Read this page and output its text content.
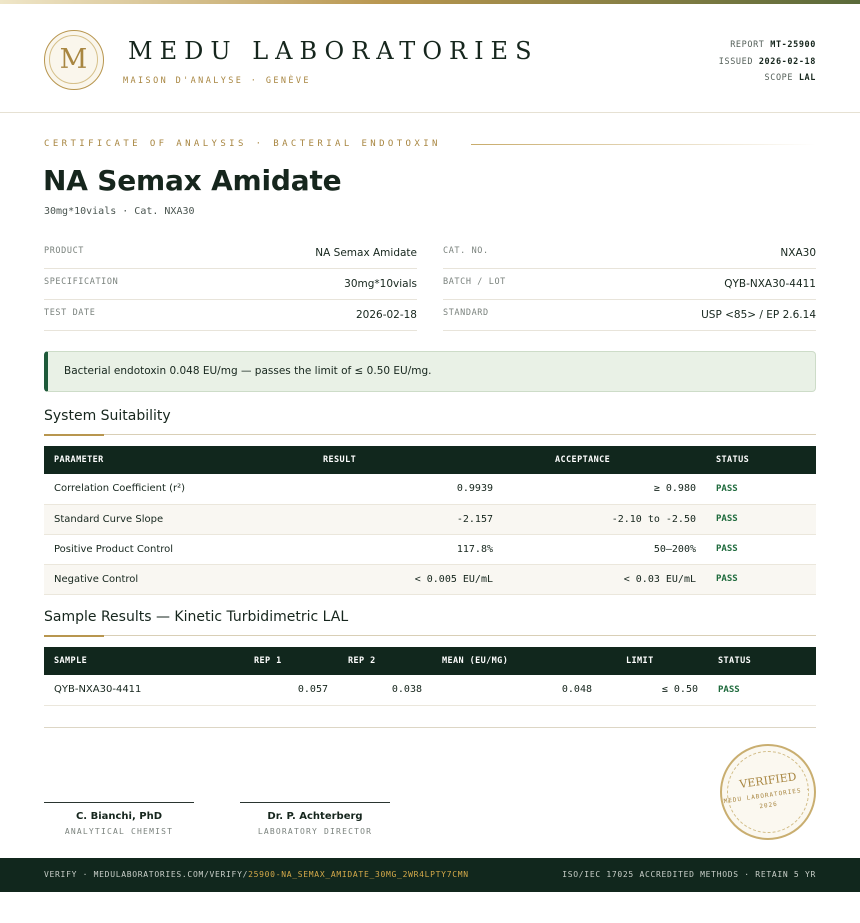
M	MEDU LABORATORIES
MAISON D'ANALYSE · GENÈVE
REPORT MT-25900
ISSUED 2026-02-18
SCOPE LAL
CERTIFICATE OF ANALYSIS · BACTERIAL ENDOTOXIN
NA Semax Amidate
30mg*10vials · Cat. NXA30
PRODUCT	NA Semax Amidate
SPECIFICATION	30mg*10vials
TEST DATE	2026-02-18
CAT. NO.	NXA30
BATCH / LOT	QYB-NXA30-4411
STANDARD	USP <85> / EP 2.6.14
Bacterial endotoxin 0.048 EU/mg — passes the limit of ≤ 0.50 EU/mg.
System Suitability
PARAMETER	RESULT	ACCEPTANCE	STATUS
Correlation Coefficient (r²)	0.9939	≥ 0.980	PASS
Standard Curve Slope	-2.157	-2.10 to -2.50	PASS
Positive Product Control	117.8%	50–200%	PASS
Negative Control	< 0.005 EU/mL	< 0.03 EU/mL	PASS
Sample Results — Kinetic Turbidimetric LAL
SAMPLE	REP 1	REP 2	MEAN (EU/MG)	LIMIT	STATUS
QYB-NXA30-4411	0.057	0.038	0.048	≤ 0.50	PASS
C. Bianchi, PhD
ANALYTICAL CHEMIST
Dr. P. Achterberg
LABORATORY DIRECTOR
VERIFIED
MEDU LABORATORIES · 2026
VERIFY · MEDULABORATORIES.COM/VERIFY/25900-NA_SEMAX_AMIDATE_30MG_2WR4LPTY7CMN	ISO/IEC 17025 ACCREDITED METHODS · RETAIN 5 YR
